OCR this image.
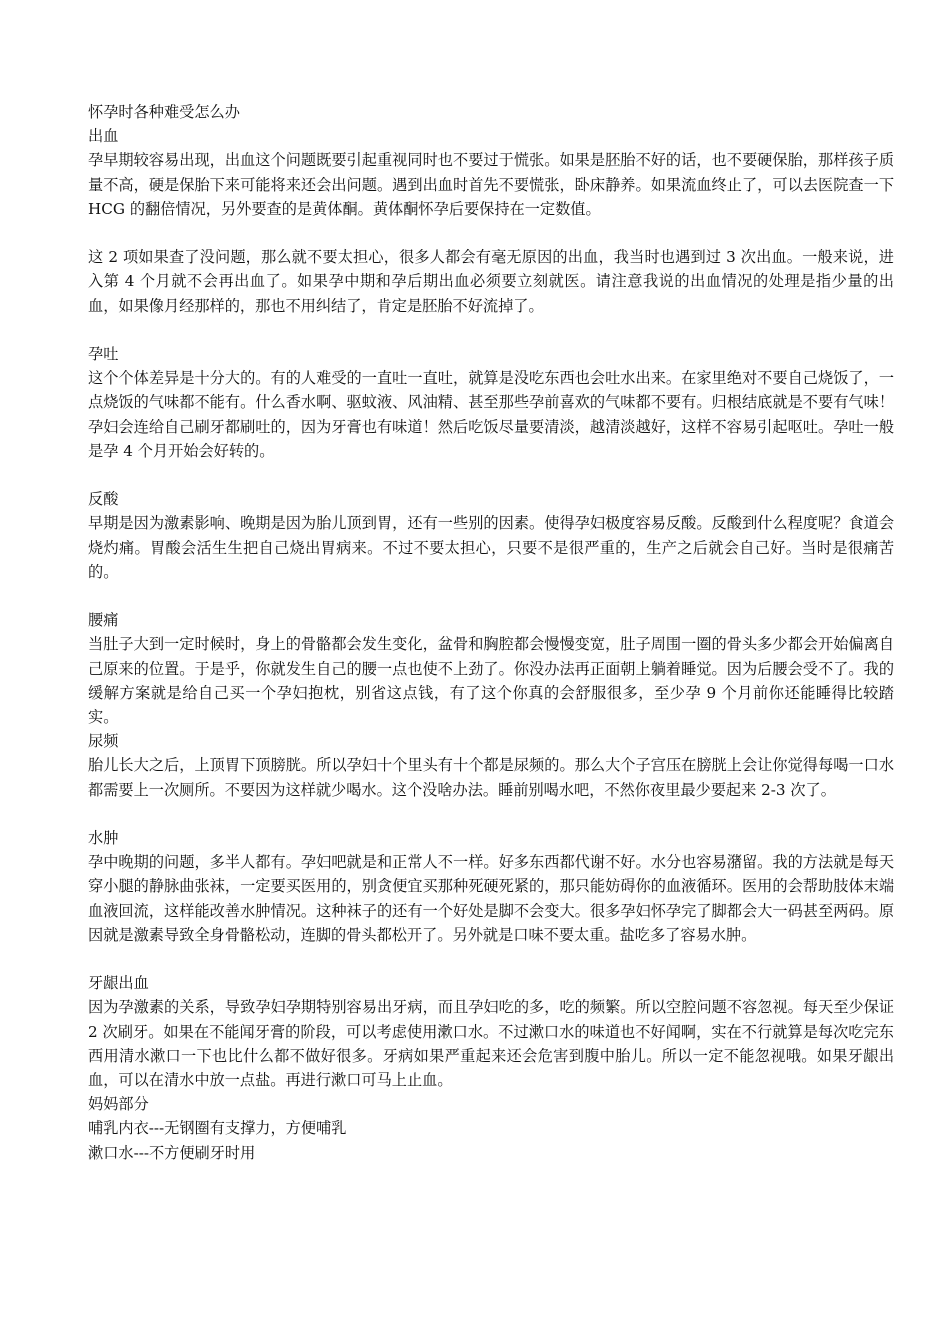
怀孕时各种难受怎么办

出血

孕早期较容易出现，出血这个问题既要引起重视同时也不要过于慌张。如果是胚胎不好的话，也不要硬保胎，那样孩子质量不高，硬是保胎下来可能将来还会出问题。遇到出血时首先不要慌张，卧床静养。如果流血终止了，可以去医院查一下 HCG 的翻倍情况，另外要查的是黄体酮。黄体酮怀孕后要保持在一定数值。

这 2 项如果查了没问题，那么就不要太担心，很多人都会有毫无原因的出血，我当时也遇到过 3 次出血。一般来说，进入第 4 个月就不会再出血了。如果孕中期和孕后期出血必须要立刻就医。请注意我说的出血情况的处理是指少量的出血，如果像月经那样的，那也不用纠结了，肯定是胚胎不好流掉了。

孕吐

这个个体差异是十分大的。有的人难受的一直吐一直吐，就算是没吃东西也会吐水出来。在家里绝对不要自己烧饭了，一点烧饭的气味都不能有。什么香水啊、驱蚊液、风油精、甚至那些孕前喜欢的气味都不要有。归根结底就是不要有气味！孕妇会连给自己刷牙都刷吐的，因为牙膏也有味道！然后吃饭尽量要清淡，越清淡越好，这样不容易引起呕吐。孕吐一般是孕 4 个月开始会好转的。

反酸

早期是因为激素影响、晚期是因为胎儿顶到胃，还有一些别的因素。使得孕妇极度容易反酸。反酸到什么程度呢？食道会烧灼痛。胃酸会活生生把自己烧出胃病来。不过不要太担心，只要不是很严重的，生产之后就会自己好。当时是很痛苦的。

腰痛

当肚子大到一定时候时，身上的骨骼都会发生变化，盆骨和胸腔都会慢慢变宽，肚子周围一圈的骨头多少都会开始偏离自己原来的位置。于是乎，你就发生自己的腰一点也使不上劲了。你没办法再正面朝上躺着睡觉。因为后腰会受不了。我的缓解方案就是给自己买一个孕妇抱枕，别省这点钱，有了这个你真的会舒服很多，至少孕 9 个月前你还能睡得比较踏实。

尿频

胎儿长大之后，上顶胃下顶膀胱。所以孕妇十个里头有十个都是尿频的。那么大个子宫压在膀胱上会让你觉得每喝一口水都需要上一次厕所。不要因为这样就少喝水。这个没啥办法。睡前别喝水吧，不然你夜里最少要起来 2-3 次了。

水肿

孕中晚期的问题，多半人都有。孕妇吧就是和正常人不一样。好多东西都代谢不好。水分也容易潴留。我的方法就是每天穿小腿的静脉曲张袜，一定要买医用的，别贪便宜买那种死硬死紧的，那只能妨碍你的血液循环。医用的会帮助肢体末端血液回流，这样能改善水肿情况。这种袜子的还有一个好处是脚不会变大。很多孕妇怀孕完了脚都会大一码甚至两码。原因就是激素导致全身骨骼松动，连脚的骨头都松开了。另外就是口味不要太重。盐吃多了容易水肿。

牙龈出血

因为孕激素的关系，导致孕妇孕期特别容易出牙病，而且孕妇吃的多，吃的频繁。所以空腔问题不容忽视。每天至少保证 2 次刷牙。如果在不能闻牙膏的阶段，可以考虑使用漱口水。不过漱口水的味道也不好闻啊，实在不行就算是每次吃完东西用清水漱口一下也比什么都不做好很多。牙病如果严重起来还会危害到腹中胎儿。所以一定不能忽视哦。如果牙龈出血，可以在清水中放一点盐。再进行漱口可马上止血。

妈妈部分

哺乳内衣---无钢圈有支撑力，方便哺乳

漱口水---不方便刷牙时用
